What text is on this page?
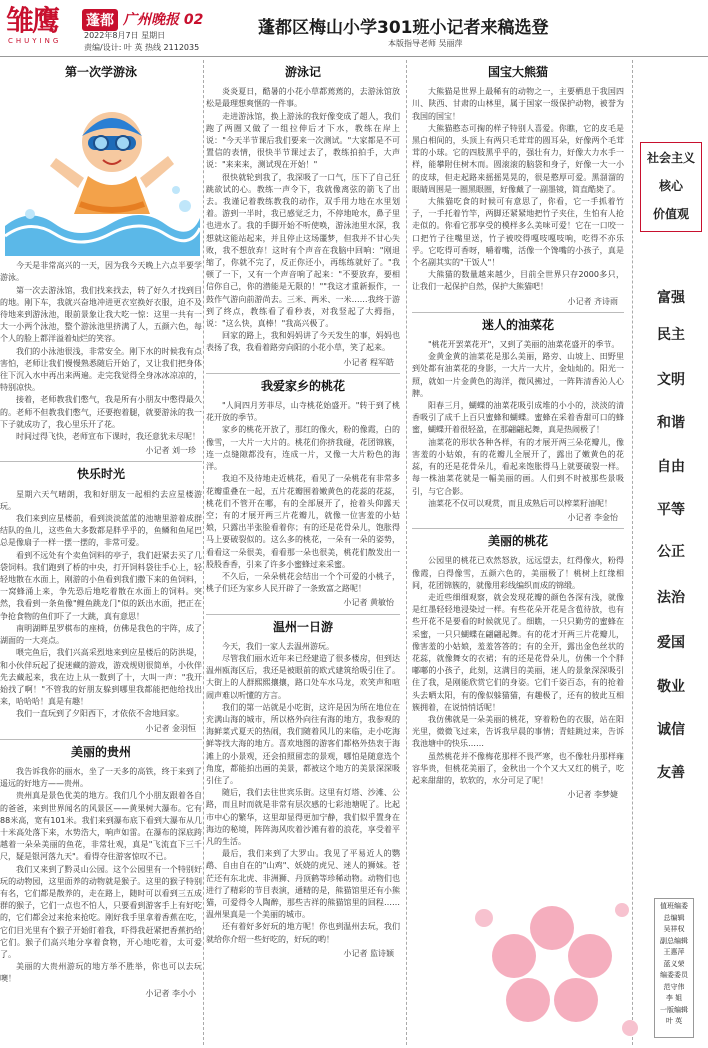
雏鹰
CHUYING
蓬都 广州晚报 02
2022年8月7日 星期日
责编/设计: 叶 英 热线 2112035
蓬都区梅山小学301班小记者来稿选登
本版指导老师 吴丽萍
第一次学游泳

今天是非常高兴的一天，因为我今天晚上六点半要学游泳。

第一次去游泳馆，我们找来找去，转了好久才找到目的地。刚下车，我就兴奋地冲进更衣室换好衣服，迫不及待地来到游泳池，眼前景象让我大吃一惊：这里一共有一大一小两个泳池，整个游泳池里挤满了人，五颜六色，每个人的脸上都洋溢着灿烂的笑容。

我们的小泳池很浅，非常安全。刚下水的时候我有点害怕，老师让我们慢慢熟悉随后开始了，又让我们把身体往下沉入水中再出来两遍。走完我觉得全身冰冰凉凉的，特别凉快。

接着，老师教我们憋气，我是所有小朋友中憋得最久的。老师不但教我们憋气，还要抱着腿，就要游泳的我一下子就成功了，我心里乐开了花。

时间过得飞快，老师宣布下课时，我还意犹未尽呢！

小记者 刘一珍
快乐时光

星期六天气晴朗，我和好朋友一起相约去应星楼游玩。

我们来到应星楼前，看到淡淡蓝蓝的池塘里游着成群结队的鱼儿，这些鱼大多数都是胖乎乎的，鱼鳞和鱼尾巴总是像扇子一样一摆一摆的，非常可爱。

看到不远处有个卖鱼饲料的亭子，我们赶紧去买了几袋饲料。我们跑到了桥的中央，打开饲料袋往手心上，轻轻地散在水面上，刚游的小鱼看到我们撒下来的鱼饲料，一窝蜂涌上来，争先恐后地吃着散在水面上的饲料。突然，我看到一条鱼像"鲤鱼跳龙门"似的跃出水面，把正在争抢食物的鱼们吓了一大跳，真有意思！

南明湖畔星罗棋布的座椅，仿佛是我色的宇阵，成了湖面的一大亮点。

喂完鱼后，我们兴高采烈地来到应星楼后的防洪堤，和小伙伴玩起了捉迷藏的游戏，游戏规则很简单，小伙伴先去藏起来，我在边上从一数到了十，大叫一声："我开始找了啊！"不管我的好朋友躲到哪里我都能把他给找出来，哈哈哈！真是有趣！

我们一直玩到了夕阳西下，才依依不舍地回家。

小记者 金羽恒
美丽的贵州

我告诉我你的丽水，坐了一天多的高铁，终于来到了遥远的好地方——贵州。

贵州真是景色优美的地方。我们几个小朋友跟着各自的爸爸，来到世界闻名的风景区——黄果树大瀑布。它有88米高，宽有101米。我们来到瀑布底下看到大瀑布从几十米高处落下来，水势浩大，响声如雷。在瀑布的深底跨越着一朵朵美丽的鱼花，非常壮观，真是"飞流直下三千尺，疑是银河落九天"。看得夺住游客惊叹不已。

我们又来到了黔灵山公园。这个公园里有一个特别好玩的动物园，这里面养的动物就是猴子。这里的猴子特别有名，它们都是散养的，走在路上，随时可以看到三五成群的猴子，它们一点也不怕人，只要看到游客手上有好吃的，它们都会过来抢来抢吃。刚好我手里拿着香蕉在吃，它们目光里有个猴子开始盯着我，吓得我赶紧把香蕉扔给它们。猴子们高兴地分享着食物，开心地吃着，太可爱了。

美丽的大贵州游玩的地方举不胜举，你也可以去玩噢！

小记者 李小小
游泳记

炎炎夏日，酷暑的小花小草都蔫蔫的，去游泳馆放松是最理想爽惬的一件事。

走进游泳馆，换上游泳的我好像变成了超人，我们跑了两圈又做了一组拉伸后才下水，教练在岸上说："今天半节课后我们要来一次测试。"大家都是不可置信的表情，很快半节课过去了，教练拍拍手，大声说："来来来，测试现在开始！"

很快就轮到我了，我深吸了一口气，压下了自己狂跳欲试的心。教练一声令下，我就像离弦的箭飞了出去。我谨记着教练教我的动作，双手用力地在水里划着。游到一半时，我已感觉乏力，不停地呛水，鼻子里也进水了。我的手脚开始不听使唤，游泳池里水深，我想就这能站起来，并且停止这场噩梦，但我并不甘心失败，我不想放弃！这时有个声音在我脑中回响："刚退缩了，你就不完了，反正你还小，再练练就好了。"我顿了一下，又有一个声音响了起来："不要放弃，要相信你自己，你的潜能是无限的！""我这才重新振作，一鼓作气游向前游尚去。三米、两米、一米……我终于游到了终点，教练看了看秒表，对我竖起了大拇指，说："这么快，真棒！"我高兴极了。

回家的路上，我和妈妈讲了今天发生的事，妈妈也表扬了我，我看着路旁向阳的小花小草，笑了起来。

小记者 程军皓
我爱家乡的桃花

"人间四月芳菲尽，山寺桃花始盛开。"转于到了桃花开放的季节。

家乡的桃花开放了，那红的像火，粉的像霞，白的像雪，一大片一大片的。桃花们你挤我碰，花团锦簇，连一点缝隙都没有，连成一片，又像一大片粉色的海洋。

我迫不及待地走近桃花，看见了一朵桃花有非常多花瓣重叠在一起，五片花瓣围着嫩黄色的花蕊的花蕊，桃花们不管开在哪，有的全部展开了，抢着头仰露天空；有的才展开两三片花瓣儿，就像一位害羞的小姑娘，只露出半张脸看着你；有的还是花骨朵儿，饱胀得马上要破裂似的。这么多的桃花，一朵有一朵的姿势，看看这一朵很美，看看那一朵也很美，桃花们散发出一股股香香，引来了许多小蜜蜂过来采蜜。

不久后，一朵朵桃花会结出一个个可爱的小桃子，桃子们还为家乡人民开辟了一条致富之路呢！

小记者 黄敏怡
温州一日游

今天，我们一家人去温州游玩。

尽管我们丽水近年来已经建造了很多楼房，但到达温州瓯海区后，我还是被眼前的欧式建筑给吸引住了。大街上的人群熙熙攘攘，路口处车水马龙，欢笑声和喧闹声难以听懂的方言。

我们的第一站就是小吃街，这许是因为所在地位在充满山海的城市，所以格外向往有海的地方，我参观的海鲜菜式夏天的热闹，我们随着风儿的来临，走小吃海鲜等找大海的地方。喜欢地图的游客们都格外热衷于海滩上的小景观，还会拍照留恋的景观，哪怕是随意选个角度，都能拍出画的美景，都被这个地方的美景深深吸引住了。

随后，我们去往世宾乐街。这里有灯塔、沙滩、公路，而且时而就是非常有层次感的七彩池塘呢了。比起市中心的繁华，这里却显得更加宁静，我们似乎置身在海边的秘境，阵阵海风吹着沙滩有着的浪花，享受着平凡的生活。

最后，我们来到了大罗山。我见了平易近人的鹦鹉、自由自在的"山鸡"、妖娆的虎兄、迷人的狮妹。苍茫还有东北虎、非洲狮、丹顶鹤等珍稀动物。动物们也进行了精彩的节目表演，通精的是，熊猫馆里还有小熊猫，可爱得令人陶醉，那些吉祥的熊猫馆里的回程……温州果真是一个美丽的城市。

还有着好多好玩的地方呢！你也到温州去玩，我们就给你介绍一些好吃的，好玩的哟！

小记者 监诗颖
国宝大熊猫

大熊猫是世界上最稀有的动物之一，主要栖息于我国四川、陕西、甘肃的山林里，属于国家一级保护动物，被誉为我国的国宝！

大熊猫憨态可掬的样子特别人喜爱。你瞧，它的皮毛是黑白相间的，头顶上有两只毛茸茸的圆耳朵，好像两个毛茸茸的小球。它的四肢黑乎乎的，强壮有力，好像大力水手一样，能攀附住树木而。圆滚滚的脑袋和身子，好像一大一小的皮球，但走起路来摇摇晃晃的，很是憨厚可爱。黑溜溜的眼睛周围是一圈黑眼圈，好像戴了一副墨镜，简直酷毙了。

大熊猫吃食的时候可有意思了，你看，它一手抓着竹子，一手托着竹竿，两脚还紧紧地把竹子夹住，生怕有人抢走似的。你看它那享受的模样多么美味可爱！它在一口咬一口把竹子往嘴里送，竹子被咬得嘎吱嘎吱响，吃得不亦乐乎。它吃得可香呀，嚼着嘴，活像一个馋嘴的小孩子，真是个名副其实的"干饭人"！

大熊猫的数量越来越少，目前全世界只存2000多只，让我们一起保护自然，保护大熊猫吧！

小记者 齐诗雨
迷人的油菜花

"桃花开罢菜花开"，又到了美丽的油菜花盛开的季节。

金黄金黄的油菜花是那么美丽，路旁、山坡上、田野里到处都有油菜花的身影，一大片一大片，金灿灿的。阳光一照，就如一片金黄色的海洋，微风拂过，一阵阵清香沁人心脾。

阳春三月，蝴蝶的油菜花吸引成堆的小小的，淡淡的清香吸引了成千上百只蜜蜂和蝴蝶。蜜蜂在采着香甜可口的蜂蜜，蝴蝶开着很轻盈，在那翩翩起舞，真是热闹极了！

油菜花的形状各种各样，有的才展开两三朵花瓣儿，像害羞的小姑娘，有的花瓣儿全展开了，露出了嫩黄色的花蕊，有的还是花骨朵儿，看起来饱胀得马上就要破裂一样。每一株油菜花就是一幅美丽的画。人们到不时被那些景吸引，与它合影。

油菜花不仅可以观赏，而且成熟后可以榨菜籽油呢！

小记者 李金怡
美丽的桃花

公园里的桃花已欢然怒放，远远望去，红得像火，粉得像霞，白得像雪，五颜六色的，美丽极了！桃树上红缘相间，花团锦簇的，就像用彩线编织而成的锦缎。

走近些细细观察，就会发现花瓣的颜色各深有浅，就像是红墨轻轻地浸染过一样。有些花朵开花是含苞待放，也有些开花不是要看的时候就见了。细瞧，一只只勤劳的蜜蜂在采蜜，一只只蝴蝶在翩翩起舞。有的花才开两三片花瓣儿，像害羞的小姑娘，羞羞答答的；有的全开，露出金色丝状的花蕊，就像舞女的衣裙；有的还是花骨朵儿，仿佛一个个胖嘟嘟的小孩子，此刻，这满目的美丽，迷人的景象深深吸引住了我，是刚能欣赏它们的身姿。它们千姿百态，有的抢着头去晒太阳，有的像似躲猫猫，有趣极了，还有的彼此互相簇拥着，在说悄悄话呢！

我仿佛就是一朵美丽的桃花，穿着粉色的衣服，站在阳光里，微微飞过来，告诉我早晨的事情；青蛙跳过来，告诉我池塘中的快乐……

虽然桃花并不像梅花那样不畏严寒，也不像牡丹那样雍容华贵，但桃花美丽了，金秋出一个个又大又红的桃子，吃起来甜甜的，软软的，水分可足了呢！

小记者 李梦婕
社会主义
核心
价值观
富强
民主
文明
和谐
自由
平等
公正
法治
爱国
敬业
诚信
友善
值班编委
总编辑
吴祥权
副总编辑
王惠萍
蓝义荣
编委委员
范守伟
李 姐
一版编辑
叶 英
